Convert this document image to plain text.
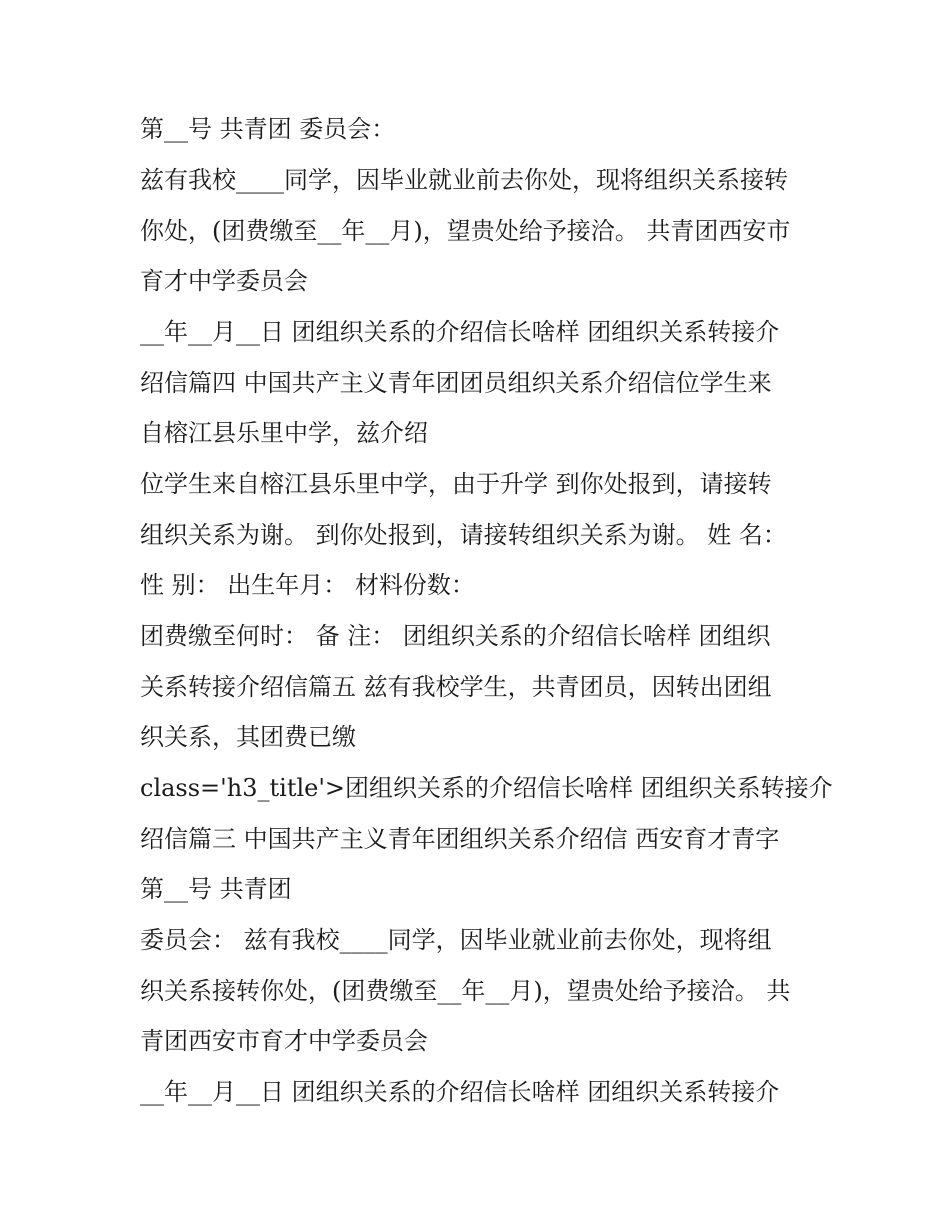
第__号 共青团 委员会：

兹有我校____同学，因毕业就业前去你处，现将组织关系接转

你处，(团费缴至__年__月)，望贵处给予接洽。 共青团西安市

育才中学委员会

__年__月__日 团组织关系的介绍信长啥样 团组织关系转接介

绍信篇四 中国共产主义青年团团员组织关系介绍信位学生来

自榕江县乐里中学，兹介绍

位学生来自榕江县乐里中学，由于升学 到你处报到，请接转

组织关系为谢。 到你处报到，请接转组织关系为谢。 姓 名：

性 别： 出生年月： 材料份数：

团费缴至何时： 备 注： 团组织关系的介绍信长啥样 团组织

关系转接介绍信篇五 兹有我校学生，共青团员，因转出团组

织关系，其团费已缴

class='h3_title'>团组织关系的介绍信长啥样 团组织关系转接介

绍信篇三 中国共产主义青年团组织关系介绍信 西安育才青字

第__号 共青团

委员会： 兹有我校____同学，因毕业就业前去你处，现将组

织关系接转你处，(团费缴至__年__月)，望贵处给予接洽。 共

青团西安市育才中学委员会

__年__月__日 团组织关系的介绍信长啥样 团组织关系转接介
